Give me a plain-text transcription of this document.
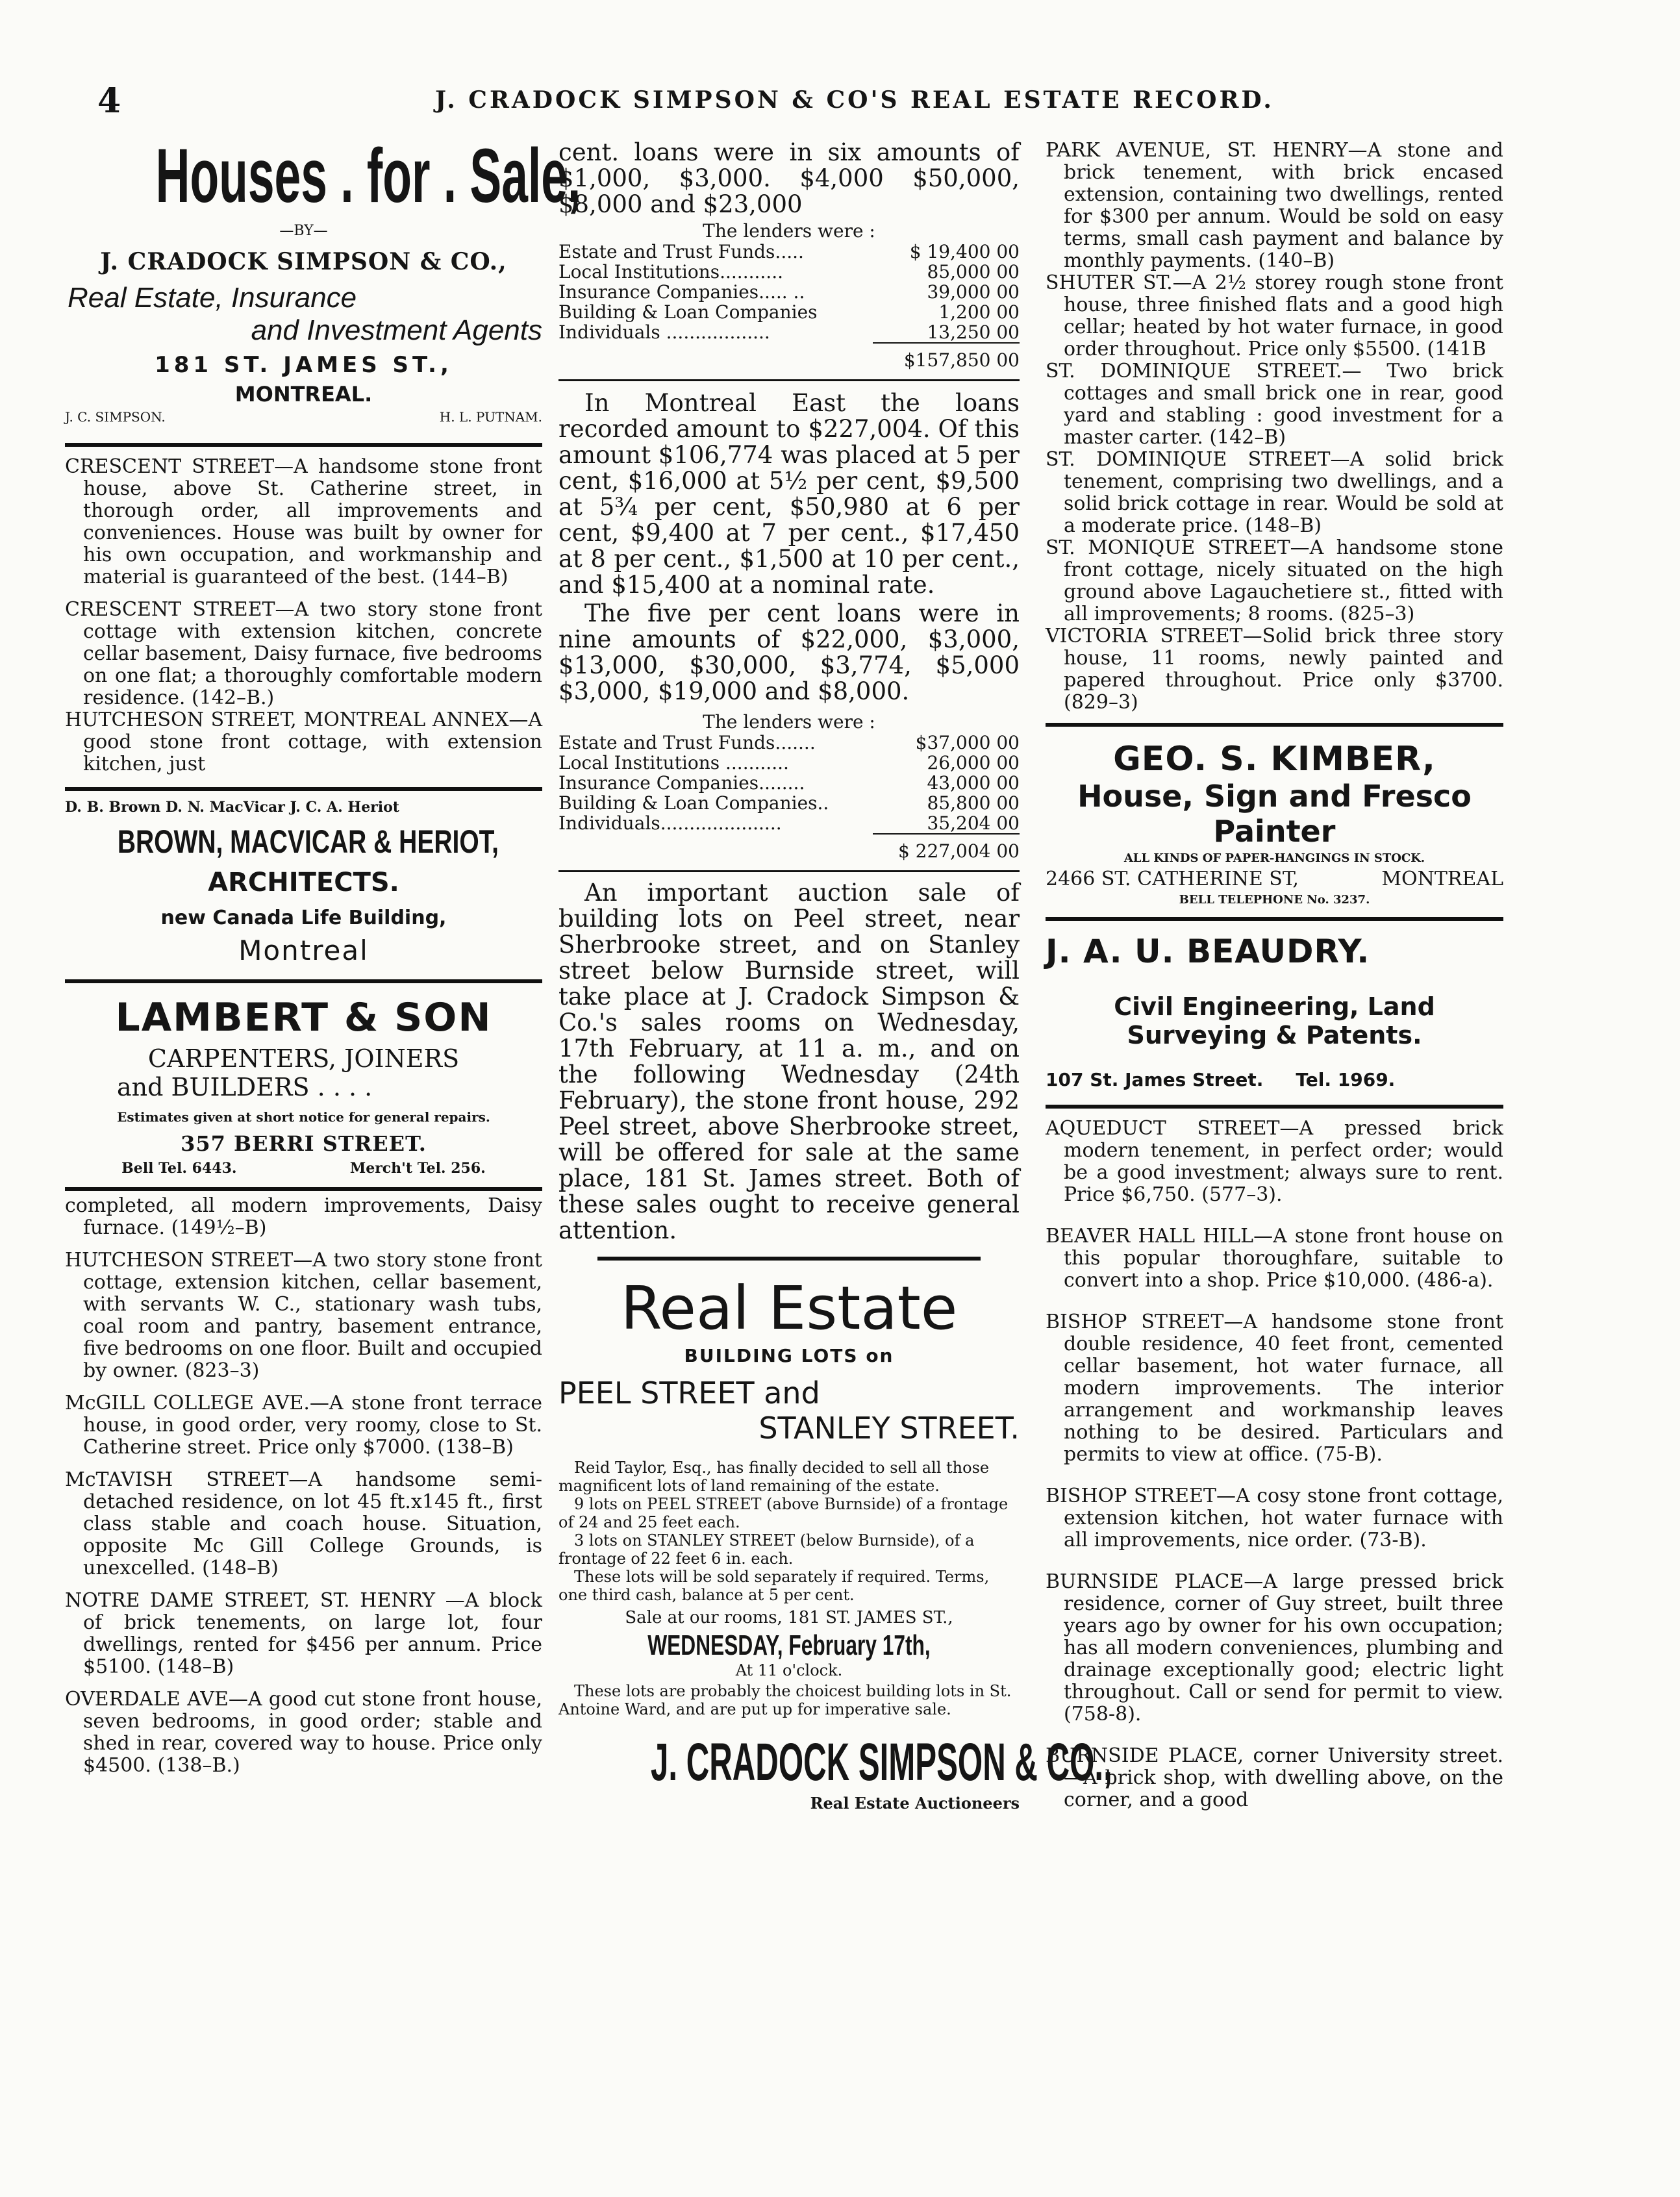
4	J. CRADOCK SIMPSON & CO'S REAL ESTATE RECORD.
Houses . for . Sale,
—BY—
J. CRADOCK SIMPSON & CO.,
Real Estate, Insurance
and Investment Agents
181 ST. JAMES ST.,
MONTREAL.
J. C. SIMPSON.	H. L. PUTNAM.

CRESCENT STREET—A handsome stone front house, above St. Catherine street, in thorough order, all improvements and conveniences. House was built by owner for his own occupation, and workmanship and material is guaranteed of the best. (144–B)

CRESCENT STREET—A two story stone front cottage with extension kitchen, concrete cellar basement, Daisy furnace, five bedrooms on one flat; a thoroughly comfortable modern residence. (142–B.)

HUTCHESON STREET, MONTREAL ANNEX—A good stone front cottage, with extension kitchen, just

D. B. Brown D. N. MacVicar J. C. A. Heriot
BROWN, MACVICAR & HERIOT,
ARCHITECTS.
new Canada Life Building,
Montreal
LAMBERT & SON
CARPENTERS, JOINERS
and BUILDERS . . . .
Estimates given at short notice for general repairs.
357 BERRI STREET.
Bell Tel. 6443.	Merch't Tel. 256.

completed, all modern improvements, Daisy furnace. (149½–B)

HUTCHESON STREET—A two story stone front cottage, extension kitchen, cellar basement, with servants W. C., stationary wash tubs, coal room and pantry, basement entrance, five bedrooms on one floor. Built and occupied by owner. (823–3)

McGILL COLLEGE AVE.—A stone front terrace house, in good order, very roomy, close to St. Catherine street. Price only $7000. (138–B)

McTAVISH STREET—A handsome semi-detached residence, on lot 45 ft.x145 ft., first class stable and coach house. Situation, opposite Mc Gill College Grounds, is unexcelled. (148–B)

NOTRE DAME STREET, ST. HENRY —A block of brick tenements, on large lot, four dwellings, rented for $456 per annum. Price $5100. (148–B)

OVERDALE AVE—A good cut stone front house, seven bedrooms, in good order; stable and shed in rear, covered way to house. Price only $4500. (138–B.)

cent. loans were in six amounts of $1,000, $3,000. $4,000 $50,000, $8,000 and $23,000

The lenders were :
Estate and Trust Funds.....	$ 19,400 00
Local Institutions...........	85,000 00
Insurance Companies..... ..	39,000 00
Building & Loan Companies	1,200 00
Individuals ..................	13,250 00
	$157,850 00

In Montreal East the loans recorded amount to $227,004. Of this amount $106,774 was placed at 5 per cent, $16,000 at 5½ per cent, $9,500 at 5¾ per cent, $50,980 at 6 per cent, $9,400 at 7 per cent., $17,450 at 8 per cent., $1,500 at 10 per cent., and $15,400 at a nominal rate.

The five per cent loans were in nine amounts of $22,000, $3,000, $13,000, $30,000, $3,774, $5,000 $3,000, $19,000 and $8,000.

The lenders were :
Estate and Trust Funds.......	$37,000 00
Local Institutions ...........	26,000 00
Insurance Companies........	43,000 00
Building & Loan Companies..	85,800 00
Individuals.....................	35,204 00
	$ 227,004 00

An important auction sale of building lots on Peel street, near Sherbrooke street, and on Stanley street below Burnside street, will take place at J. Cradock Simpson & Co.'s sales rooms on Wednesday, 17th February, at 11 a. m., and on the following Wednesday (24th February), the stone front house, 292 Peel street, above Sherbrooke street, will be offered for sale at the same place, 181 St. James street. Both of these sales ought to receive general attention.

Real Estate
BUILDING LOTS on
PEEL STREET and
STANLEY STREET.

Reid Taylor, Esq., has finally decided to sell all those magnificent lots of land remaining of the estate.

9 lots on PEEL STREET (above Burnside) of a frontage of 24 and 25 feet each.

3 lots on STANLEY STREET (below Burnside), of a frontage of 22 feet 6 in. each.

These lots will be sold separately if required. Terms, one third cash, balance at 5 per cent.

Sale at our rooms, 181 ST. JAMES ST.,

WEDNESDAY, February 17th,
At 11 o'clock.

These lots are probably the choicest building lots in St. Antoine Ward, and are put up for imperative sale.

J. CRADOCK SIMPSON & CO.,
Real Estate Auctioneers

PARK AVENUE, ST. HENRY—A stone and brick tenement, with brick encased extension, containing two dwellings, rented for $300 per annum. Would be sold on easy terms, small cash payment and balance by monthly payments. (140–B)

SHUTER ST.—A 2½ storey rough stone front house, three finished flats and a good high cellar; heated by hot water furnace, in good order throughout. Price only $5500. (141B

ST. DOMINIQUE STREET.— Two brick cottages and small brick one in rear, good yard and stabling : good investment for a master carter. (142–B)

ST. DOMINIQUE STREET—A solid brick tenement, comprising two dwellings, and a solid brick cottage in rear. Would be sold at a moderate price. (148–B)

ST. MONIQUE STREET—A handsome stone front cottage, nicely situated on the high ground above Lagauchetiere st., fitted with all improvements; 8 rooms. (825–3)

VICTORIA STREET—Solid brick three story house, 11 rooms, newly painted and papered throughout. Price only $3700. (829–3)

GEO. S. KIMBER,
House, Sign and Fresco
Painter
ALL KINDS OF PAPER-HANGINGS IN STOCK.
2466 ST. CATHERINE ST,	MONTREAL
BELL TELEPHONE No. 3237.
J. A. U. BEAUDRY.
Civil Engineering, Land
Surveying & Patents.
107 St. James Street. Tel. 1969.

AQUEDUCT STREET—A pressed brick modern tenement, in perfect order; would be a good investment; always sure to rent. Price $6,750. (577–3).

BEAVER HALL HILL—A stone front house on this popular thoroughfare, suitable to convert into a shop. Price $10,000. (486-a).

BISHOP STREET—A handsome stone front double residence, 40 feet front, cemented cellar basement, hot water furnace, all modern improvements. The interior arrangement and workmanship leaves nothing to be desired. Particulars and permits to view at office. (75-B).

BISHOP STREET—A cosy stone front cottage, extension kitchen, hot water furnace with all improvements, nice order. (73-B).

BURNSIDE PLACE—A large pressed brick residence, corner of Guy street, built three years ago by owner for his own occupation; has all modern conveniences, plumbing and drainage exceptionally good; electric light throughout. Call or send for permit to view. (758-8).

BURNSIDE PLACE, corner University street.—A brick shop, with dwelling above, on the corner, and a good
